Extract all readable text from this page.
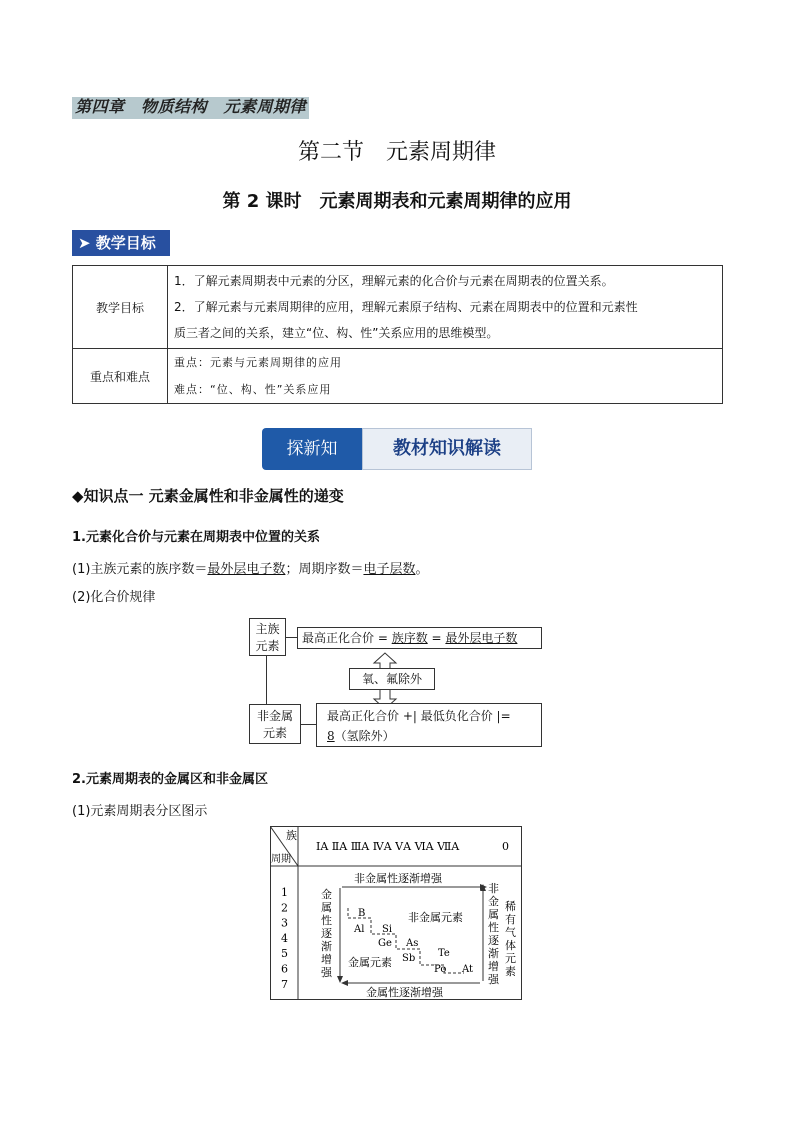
第四章　物质结构　元素周期律
第二节　元素周期律
第 2 课时　元素周期表和元素周期律的应用
➤ 教学目标
教学目标	1．了解元素周期表中元素的分区，理解元素的化合价与元素在周期表的位置关系。
2．了解元素与元素周期律的应用，理解元素原子结构、元素在周期表中的位置和元素性
质三者之间的关系，建立“位、构、性”关系应用的思维模型。

重点和难点	重点：元素与元素周期律的应用
难点：“位、构、性”关系应用
探新知	教材知识解读
◆知识点一 元素金属性和非金属性的递变
1.元素化合价与元素在周期表中位置的关系
(1)主族元素的族序数＝最外层电子数；周期序数＝电子层数。
(2)化合价规律
主族
元素
最高正化合价 = 族序数 = 最外层电子数
氧、氟除外
非金属
元素
最高正化合价 +| 最低负化合价 |=
8（氢除外）
2.元素周期表的金属区和非金属区
(1)元素周期表分区图示
族
周期
ⅠA ⅡA ⅢA ⅣA ⅤA ⅥA ⅦA	0
1
2
3
4
5
6
7
非金属性逐渐增强
金属性逐渐增强
金
属
性
逐
渐
增
强
非
金
属
性
逐
渐
增
强
稀
有
气
体
元
素
B
Al Si
Ge As
Sb Te
Po At
非金属元素
金属元素
